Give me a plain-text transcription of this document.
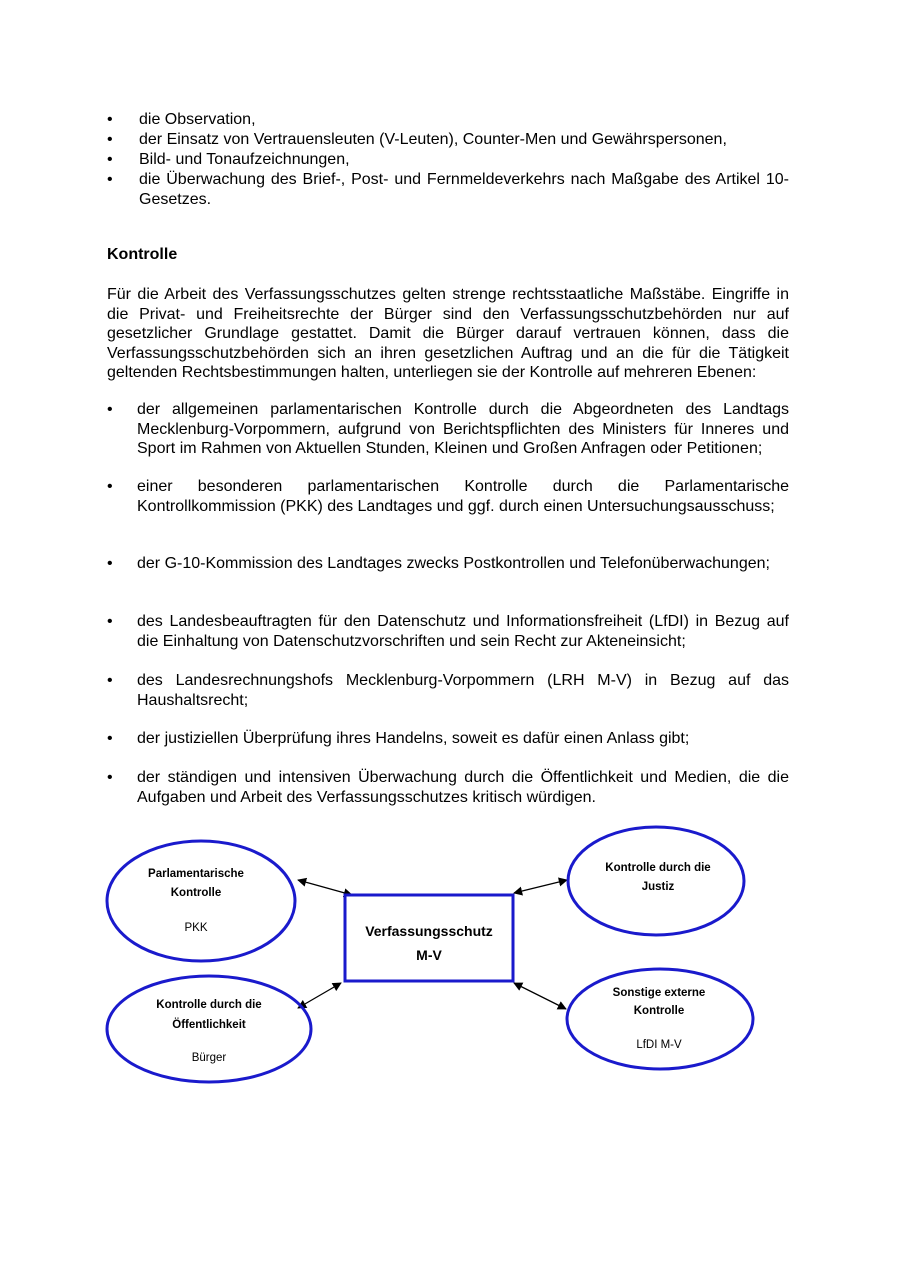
• die Observation,
• der Einsatz von Vertrauensleuten (V-Leuten), Counter-Men und Gewährspersonen,
• Bild- und Tonaufzeichnungen,
• die Überwachung des Brief-, Post- und Fernmeldeverkehrs nach Maßgabe des Artikel 10-Gesetzes.
Kontrolle
Für die Arbeit des Verfassungsschutzes gelten strenge rechtsstaatliche Maßstäbe. Eingriffe in die Privat- und Freiheitsrechte der Bürger sind den Verfassungsschutzbehörden nur auf gesetzlicher Grundlage gestattet. Damit die Bürger darauf vertrauen können, dass die Verfassungsschutzbehörden sich an ihren gesetzlichen Auftrag und an die für die Tätigkeit geltenden Rechtsbestimmungen halten, unterliegen sie der Kontrolle auf mehreren Ebenen:
• der allgemeinen parlamentarischen Kontrolle durch die Abgeordneten des Landtags Mecklenburg-Vorpommern, aufgrund von Berichtspflichten des Ministers für Inneres und Sport im Rahmen von Aktuellen Stunden, Kleinen und Großen Anfragen oder Petitionen;
• einer besonderen parlamentarischen Kontrolle durch die Parlamentarische Kontrollkommission (PKK) des Landtages und ggf. durch einen Untersuchungsausschuss;
• der G-10-Kommission des Landtages zwecks Postkontrollen und Telefonüberwachungen;
• des Landesbeauftragten für den Datenschutz und Informationsfreiheit (LfDI) in Bezug auf die Einhaltung von Datenschutzvorschriften und sein Recht zur Akteneinsicht;
• des Landesrechnungshofs Mecklenburg-Vorpommern (LRH M-V) in Bezug auf das Haushaltsrecht;
• der justiziellen Überprüfung ihres Handelns, soweit es dafür einen Anlass gibt;
• der ständigen und intensiven Überwachung durch die Öffentlichkeit und Medien, die die Aufgaben und Arbeit des Verfassungsschutzes kritisch würdigen.
Verfassungsschutz
M-V
Parlamentarische
Kontrolle
PKK
Kontrolle durch die
Öffentlichkeit
Bürger
Kontrolle durch die
Justiz
Sonstige externe
Kontrolle
LfDI M-V
